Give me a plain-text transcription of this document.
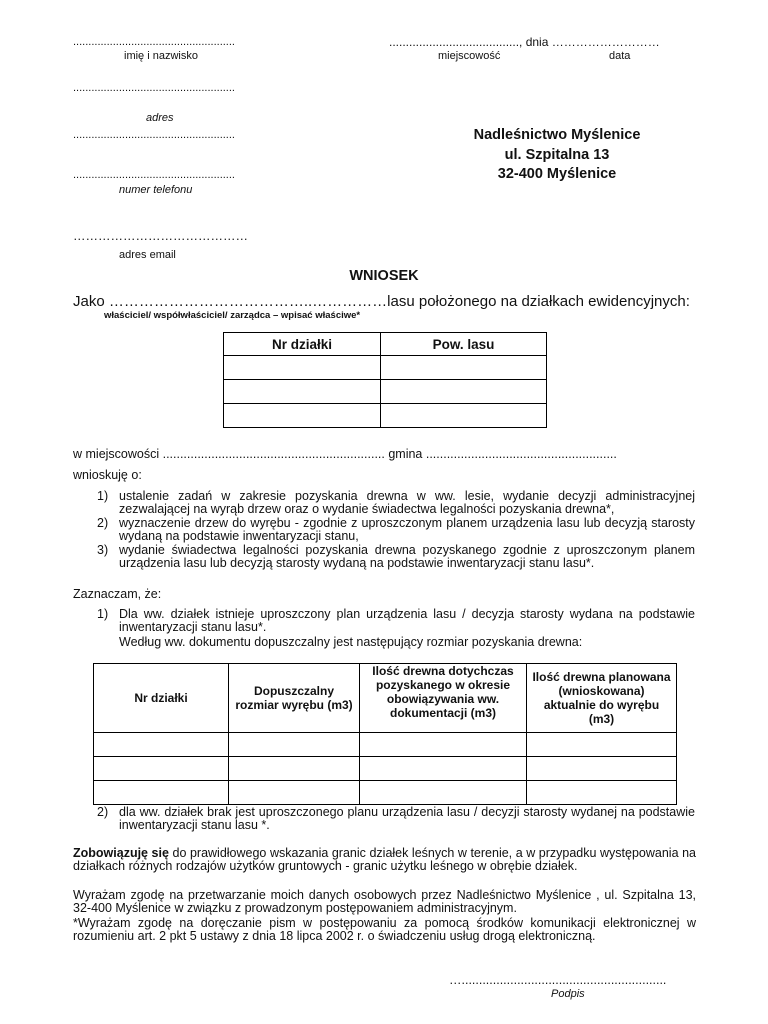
.....................................................
imię i nazwisko
......................................., dnia ………………………
miejscowość	data
.....................................................
adres
.....................................................
.....................................................
numer telefonu
……………………………………
adres email
Nadleśnictwo Myślenice
ul. Szpitalna 13
32-400 Myślenice
WNIOSEK
Jako …………………………………..……………lasu położonego na działkach ewidencyjnych:
właściciel/ współwłaściciel/ zarządca – wpisać właściwe*
Nr działki	Pow. lasu

w miejscowości ................................................................ gmina .......................................................
wnioskuję o:
1) ustalenie zadań w zakresie pozyskania drewna w ww. lesie, wydanie decyzji administracyjnej zezwalającej na wyrąb drzew oraz o wydanie świadectwa legalności pozyskania drewna*,
2) wyznaczenie drzew do wyrębu - zgodnie z uproszczonym planem urządzenia lasu lub decyzją starosty wydaną na podstawie inwentaryzacji stanu,
3) wydanie świadectwa legalności pozyskania drewna pozyskanego zgodnie z uproszczonym planem urządzenia lasu lub decyzją starosty wydaną na podstawie inwentaryzacji stanu lasu*.
Zaznaczam, że:
1) Dla ww. działek istnieje uproszczony plan urządzenia lasu / decyzja starosty wydana na podstawie inwentaryzacji stanu lasu*.
Według ww. dokumentu dopuszczalny jest następujący rozmiar pozyskania drewna:
Nr działki	Dopuszczalny rozmiar wyrębu (m3)	Ilość drewna dotychczas pozyskanego w okresie obowiązywania ww. dokumentacji (m3)	Ilość drewna planowana (wnioskowana) aktualnie do wyrębu (m3)

2) dla ww. działek brak jest uproszczonego planu urządzenia lasu / decyzji starosty wydanej na podstawie inwentaryzacji stanu lasu *.
Zobowiązuję się do prawidłowego wskazania granic działek leśnych w terenie, a w przypadku występowania na działkach różnych rodzajów użytków gruntowych - granic użytku leśnego w obrębie działek.
Wyrażam zgodę na przetwarzanie moich danych osobowych przez Nadleśnictwo Myślenice , ul. Szpitalna 13, 32-400 Myślenice w związku z prowadzonym postępowaniem administracyjnym.
*Wyrażam zgodę na doręczanie pism w postępowaniu za pomocą środków komunikacji elektronicznej w rozumieniu art. 2 pkt 5 ustawy z dnia 18 lipca 2002 r. o świadczeniu usług drogą elektroniczną.
…...........................................................
Podpis
